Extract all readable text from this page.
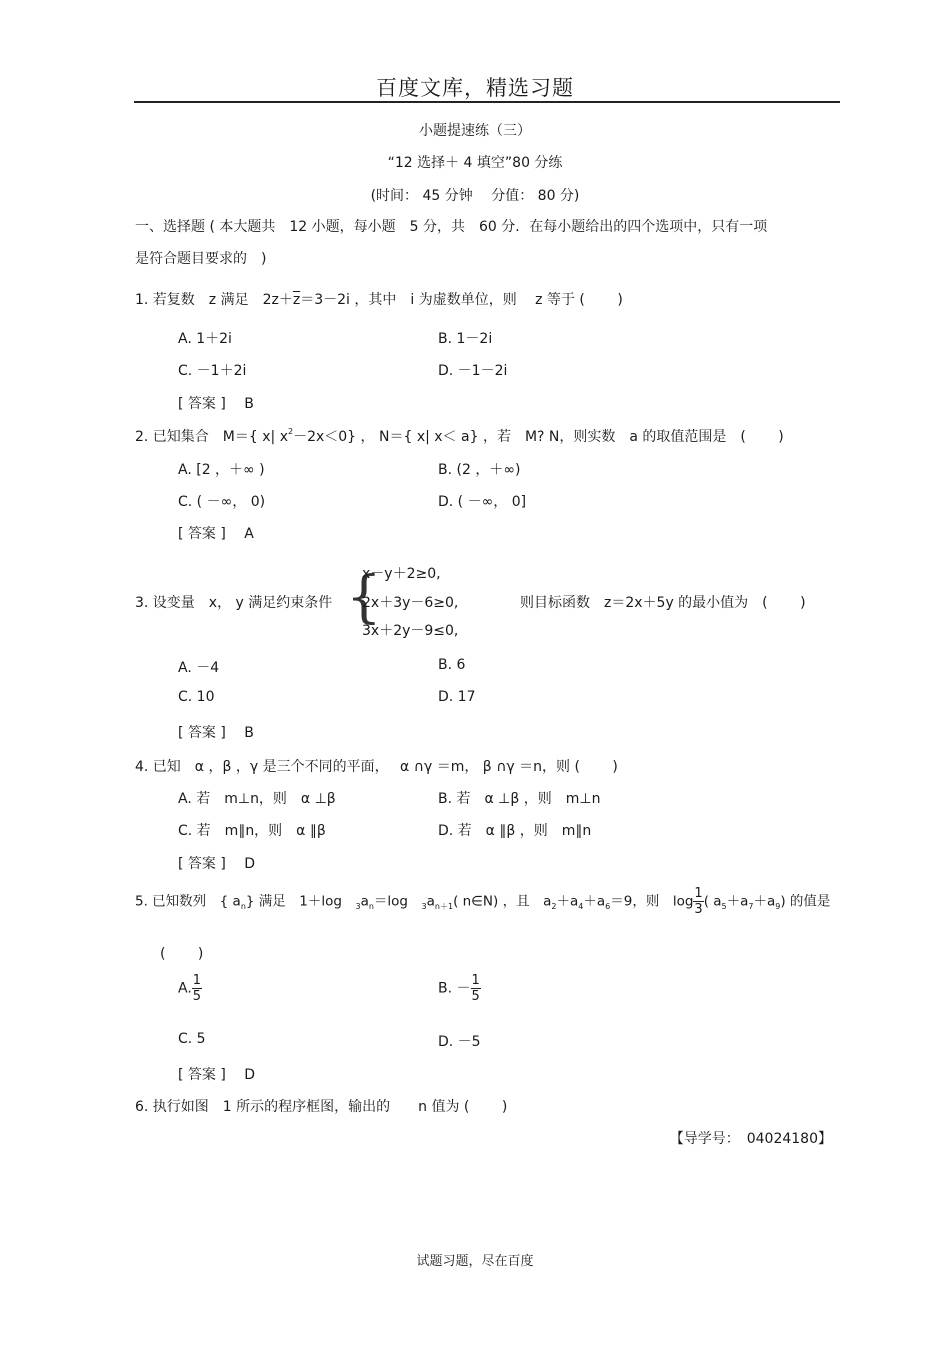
百度文库，精选习题
小题提速练（三）
“12 选择＋ 4 填空”80 分练
(时间： 45 分钟　 分值： 80 分)
一、选择题 ( 本大题共　12 小题，每小题　5 分，共　60 分．在每小题给出的四个选项中，只有一项
是符合题目要求的　)
1. 若复数　z 满足　$2z+\overline{z}=3-2i$ ，其中　i 为虚数单位，则　 z 等于 (　　 )
A. 1＋2i	B. 1－2i
C. －1＋2i	D. －1－2i
[ 答案 ]　 B
2. 已知集合　M＝{ x| $x^2-2x<0$} ， N＝{ x| x＜ a} ，若　M? N，则实数　a 的取值范围是　(　　 )
A. [2 ，＋∞ )	B. (2 ，＋∞)
C. ( －∞， 0)	D. ( －∞， 0]
[ 答案 ]　 A
3. 设变量　x， y 满足约束条件 {
x－y＋2≥0,
2x＋3y－6≥0,
3x＋2y－9≤0,
则目标函数　z＝2x＋5y 的最小值为　(　　 )
A. －4	B. 6
C. 10	D. 17
[ 答案 ]　 B
4. 已知　α ，β ，γ 是三个不同的平面，　 α ∩γ ＝m， β ∩γ ＝n，则 (　　 )
A. 若　m⊥n，则　α ⊥β	B. 若　α ⊥β ，则　m⊥n
C. 若　m∥n，则　α ∥β	D. 若　α ∥β ，则　m∥n
[ 答案 ]　 D
5. 已知数列　{ $a_n$} 满足　1＋log　$_3a_n=\log$　$_3a_{n+1}$( n∈N) ，且　$a_2+a_4+a_6=9$，则　$\log \frac{1}{3}$ ( $a_5+a_7+a_9$) 的值是
(　　 )
A. $\frac{1}{5}$	B. － $\frac{1}{5}$
C. 5	D. －5
[ 答案 ]　 D
6. 执行如图　1 所示的程序框图，输出的　　n 值为 (　　 )
【导学号：　04024180】
试题习题，尽在百度
